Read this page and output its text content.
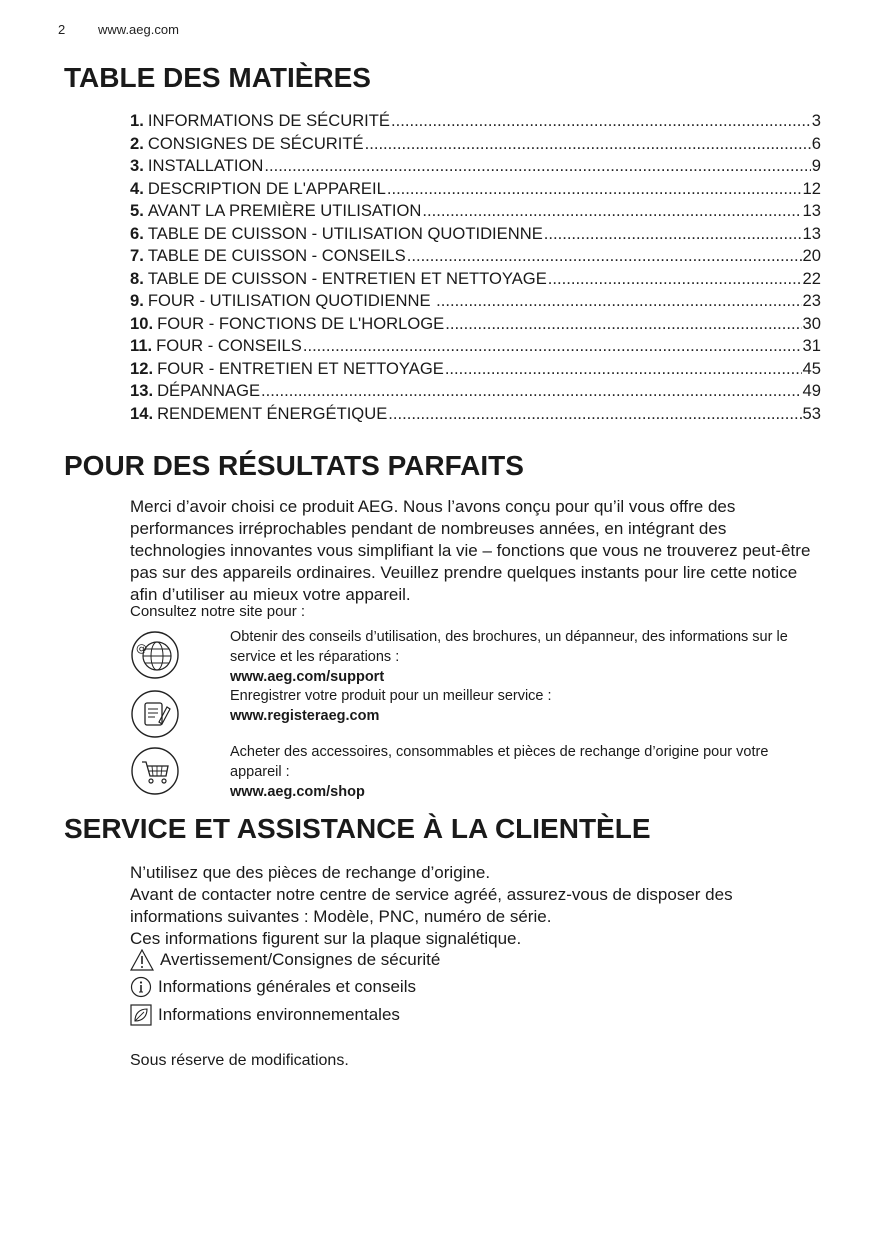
2	www.aeg.com
TABLE DES MATIÈRES
1. INFORMATIONS DE SÉCURITÉ .....	3
2. CONSIGNES DE SÉCURITÉ .....	6
3. INSTALLATION .....	9
4. DESCRIPTION DE L'APPAREIL .....	12
5. AVANT LA PREMIÈRE UTILISATION .....	13
6. TABLE DE CUISSON - UTILISATION QUOTIDIENNE .....	13
7. TABLE DE CUISSON - CONSEILS .....	20
8. TABLE DE CUISSON - ENTRETIEN ET NETTOYAGE .....	22
9. FOUR - UTILISATION QUOTIDIENNE .....	23
10. FOUR - FONCTIONS DE L'HORLOGE .....	30
11. FOUR - CONSEILS .....	31
12. FOUR - ENTRETIEN ET NETTOYAGE .....	45
13. DÉPANNAGE .....	49
14. RENDEMENT ÉNERGÉTIQUE .....	53
POUR DES RÉSULTATS PARFAITS
Merci d’avoir choisi ce produit AEG. Nous l’avons conçu pour qu’il vous offre des performances irréprochables pendant de nombreuses années, en intégrant des technologies innovantes vous simplifiant la vie – fonctions que vous ne trouverez peut-être pas sur des appareils ordinaires. Veuillez prendre quelques instants pour lire cette notice afin d’utiliser au mieux votre appareil.
Consultez notre site pour :
@
Obtenir des conseils d’utilisation, des brochures, un dépanneur, des informations sur le service et les réparations :
www.aeg.com/support
Enregistrer votre produit pour un meilleur service :
www.registeraeg.com
Acheter des accessoires, consommables et pièces de rechange d’origine pour votre appareil :
www.aeg.com/shop
SERVICE ET ASSISTANCE À LA CLIENTÈLE
N’utilisez que des pièces de rechange d’origine.
Avant de contacter notre centre de service agréé, assurez-vous de disposer des informations suivantes : Modèle, PNC, numéro de série.
Ces informations figurent sur la plaque signalétique.
Avertissement/Consignes de sécurité
Informations générales et conseils
Informations environnementales
Sous réserve de modifications.
